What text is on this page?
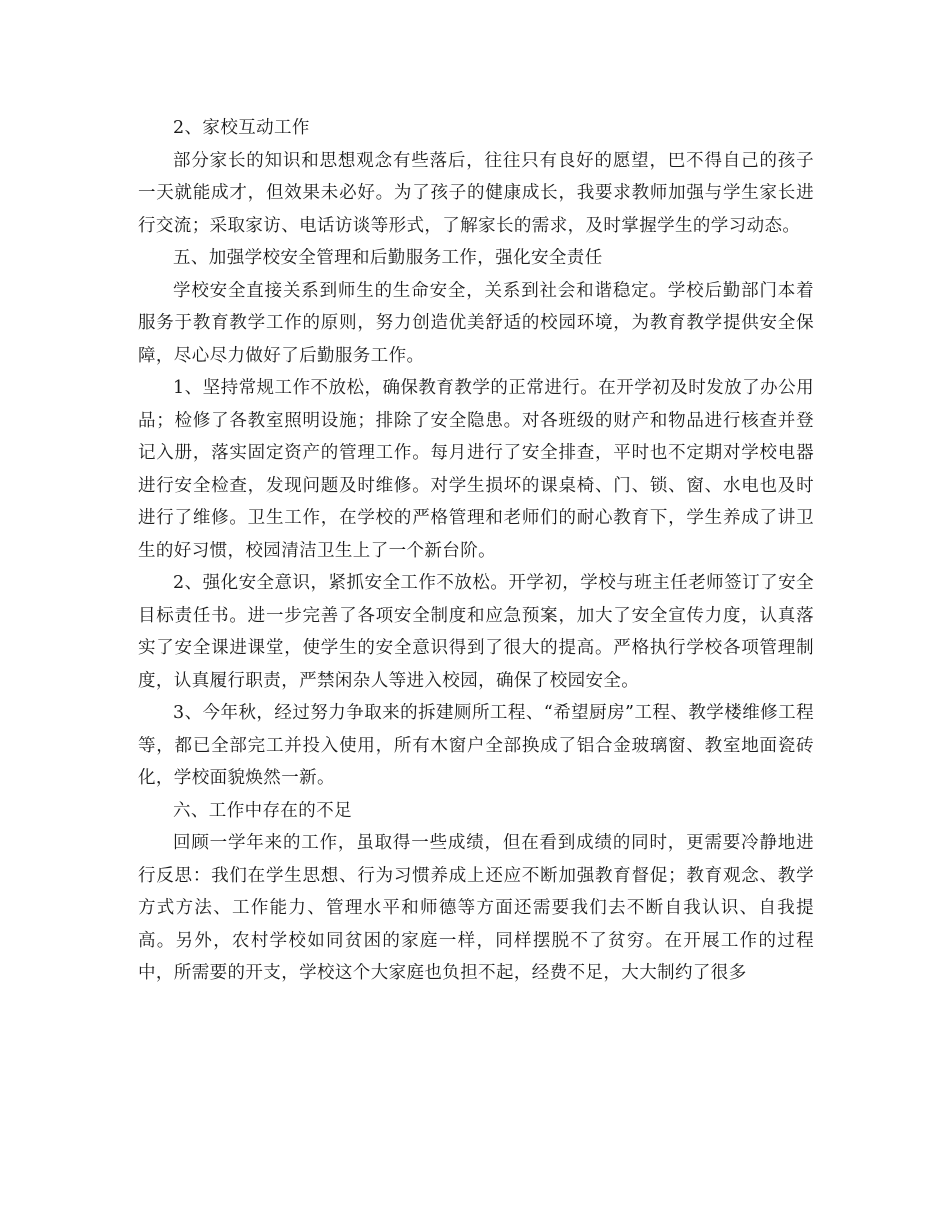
2、家校互动工作

部分家长的知识和思想观念有些落后，往往只有良好的愿望，巴不得自己的孩子一天就能成才，但效果未必好。为了孩子的健康成长，我要求教师加强与学生家长进行交流；采取家访、电话访谈等形式，了解家长的需求，及时掌握学生的学习动态。

五、加强学校安全管理和后勤服务工作，强化安全责任

学校安全直接关系到师生的生命安全，关系到社会和谐稳定。学校后勤部门本着服务于教育教学工作的原则，努力创造优美舒适的校园环境，为教育教学提供安全保障，尽心尽力做好了后勤服务工作。

1、坚持常规工作不放松，确保教育教学的正常进行。在开学初及时发放了办公用品；检修了各教室照明设施；排除了安全隐患。对各班级的财产和物品进行核查并登记入册，落实固定资产的管理工作。每月进行了安全排查，平时也不定期对学校电器进行安全检查，发现问题及时维修。对学生损坏的课桌椅、门、锁、窗、水电也及时进行了维修。卫生工作，在学校的严格管理和老师们的耐心教育下，学生养成了讲卫生的好习惯，校园清洁卫生上了一个新台阶。

2、强化安全意识，紧抓安全工作不放松。开学初，学校与班主任老师签订了安全目标责任书。进一步完善了各项安全制度和应急预案，加大了安全宣传力度，认真落实了安全课进课堂，使学生的安全意识得到了很大的提高。严格执行学校各项管理制度，认真履行职责，严禁闲杂人等进入校园，确保了校园安全。

3、今年秋，经过努力争取来的拆建厕所工程、“希望厨房”工程、教学楼维修工程等，都已全部完工并投入使用，所有木窗户全部换成了铝合金玻璃窗、教室地面瓷砖化，学校面貌焕然一新。

六、工作中存在的不足

回顾一学年来的工作，虽取得一些成绩，但在看到成绩的同时，更需要冷静地进行反思：我们在学生思想、行为习惯养成上还应不断加强教育督促；教育观念、教学方式方法、工作能力、管理水平和师德等方面还需要我们去不断自我认识、自我提高。另外，农村学校如同贫困的家庭一样，同样摆脱不了贫穷。在开展工作的过程中，所需要的开支，学校这个大家庭也负担不起，经费不足，大大制约了很多
